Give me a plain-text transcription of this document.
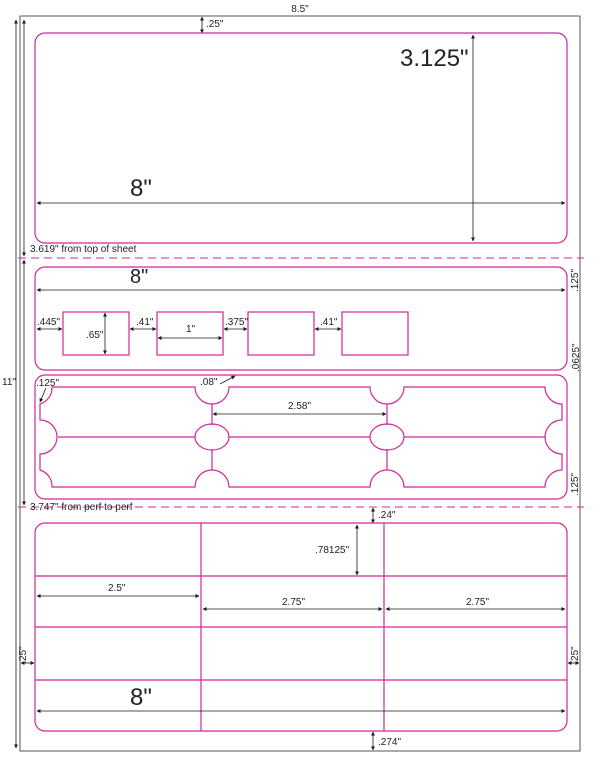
8.5"
11"
.25"
3.125"
8"
3.619" from top of sheet
8"	.125"
.445"
.65"
.41"
1"
.375"	.41"
.0625"
.125"	.08"
2.58"
.125"
3.747" from perf to perf
.24"
.78125"
2.5"
2.75"	2.75"
.25"	.25"
8"
.274"
